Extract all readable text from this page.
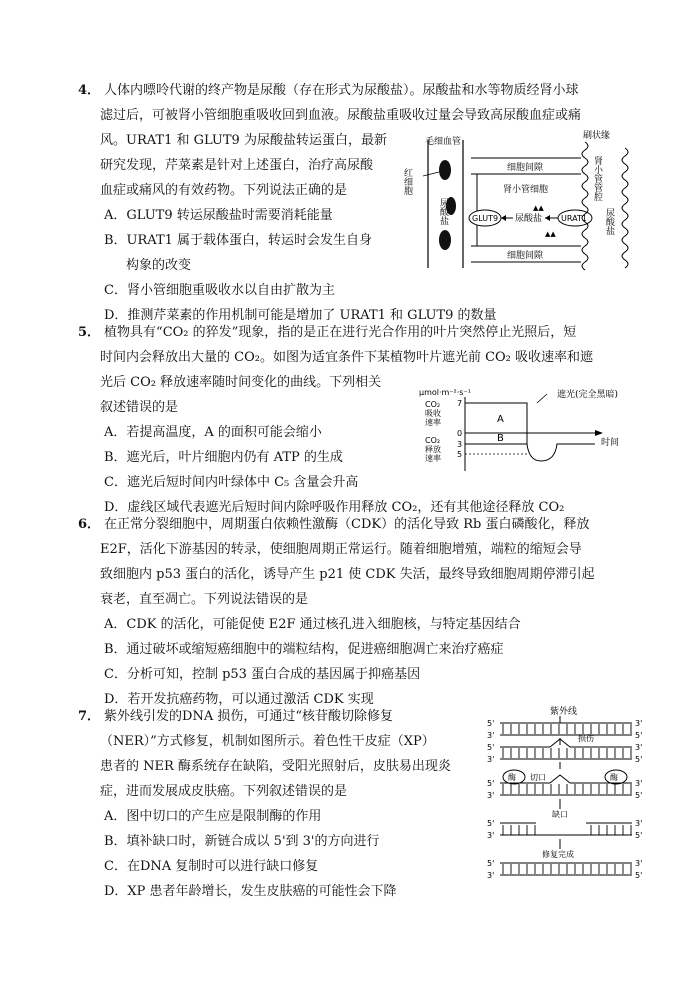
4． 人体内嘌呤代谢的终产物是尿酸（存在形式为尿酸盐）。尿酸盐和水等物质经肾小球

滤过后，可被肾小管细胞重吸收回到血液。尿酸盐重吸收过量会导致高尿酸血症或痛

风。URAT1 和 GLUT9 为尿酸盐转运蛋白，最新

研究发现，芹菜素是针对上述蛋白，治疗高尿酸

血症或痛风的有效药物。下列说法正确的是

A．GLUT9 转运尿酸盐时需要消耗能量

B．URAT1 属于载体蛋白，转运时会发生自身

构象的改变

C．肾小管细胞重吸收水以自由扩散为主

D．推测芹菜素的作用机制可能是增加了 URAT1 和 GLUT9 的数量

毛细血管
红细胞
尿酸盐
细胞间隙
细胞间隙
肾小管细胞
GLUT9 尿酸盐 URAT1
▲▲
▲▲
刷状缘
肾小管管腔
尿酸盐

5． 植物具有“CO₂ 的猝发”现象，指的是正在进行光合作用的叶片突然停止光照后，短

时间内会释放出大量的 CO₂。如图为适宜条件下某植物叶片遮光前 CO₂ 吸收速率和遮

光后 CO₂ 释放速率随时间变化的曲线。下列相关

叙述错误的是

A．若提高温度，A 的面积可能会缩小

B．遮光后，叶片细胞内仍有 ATP 的生成

C．遮光后短时间内叶绿体中 C₅ 含量会升高

D．虚线区域代表遮光后短时间内除呼吸作用释放 CO₂，还有其他途径释放 CO₂

μmol·m⁻²·s⁻¹	遮光(完全黑暗)
CO₂
吸收
速率
CO₂
释放
速率
7
0
3
5
时间
A
B

6． 在正常分裂细胞中，周期蛋白依赖性激酶（CDK）的活化导致 Rb 蛋白磷酸化，释放

E2F，活化下游基因的转录，使细胞周期正常运行。随着细胞增殖，端粒的缩短会导

致细胞内 p53 蛋白的活化，诱导产生 p21 使 CDK 失活，最终导致细胞周期停滞引起

衰老，直至凋亡。下列说法错误的是

A．CDK 的活化，可能促使 E2F 通过核孔进入细胞核，与特定基因结合

B．通过破坏或缩短癌细胞中的端粒结构，促进癌细胞凋亡来治疗癌症

C．分析可知，控制 p53 蛋白合成的基因属于抑癌基因

D．若开发抗癌药物，可以通过激活 CDK 实现

7． 紫外线引发的DNA 损伤，可通过“核苷酸切除修复

（NER）”方式修复，机制如图所示。着色性干皮症（XP）

患者的 NER 酶系统存在缺陷，受阳光照射后，皮肤易出现炎

症，进而发展成皮肤癌。下列叙述错误的是

A．图中切口的产生应是限制酶的作用

B．填补缺口时，新链合成以 5'到 3'的方向进行

C．在DNA 复制时可以进行缺口修复

D．XP 患者年龄增长，发生皮肤癌的可能性会下降

紫外线
5'	3'
3'	5'
5'	3'
3'	5'
损伤
酶 切口	酶
5'	3'
3'	5'
缺口
5'	3'
3'	5'
修复完成
5'	3'
3'	5'
